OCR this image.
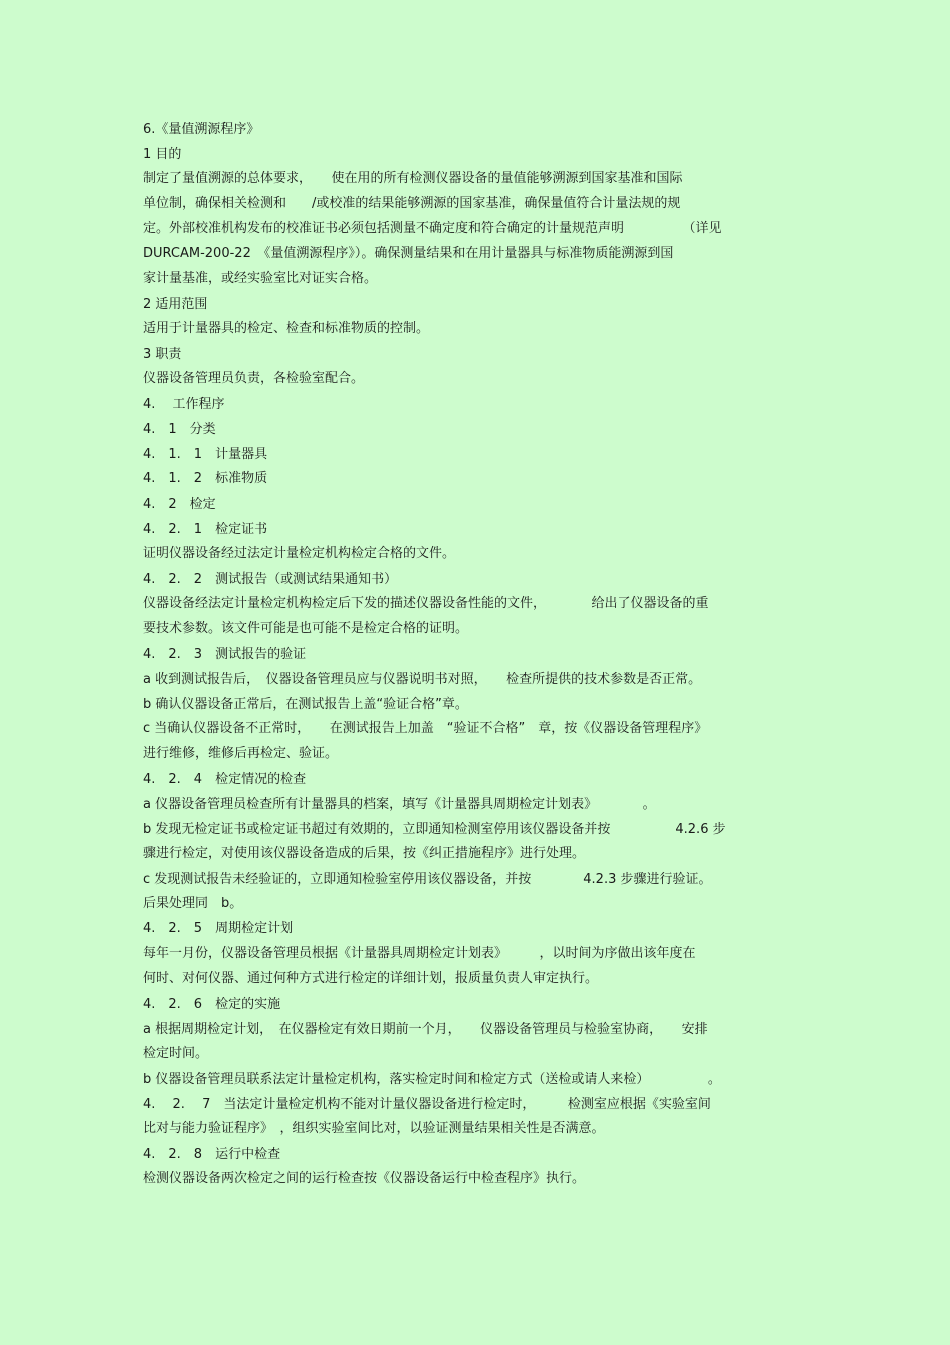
6.《量值溯源程序》
1 目的
制定了量值溯源的总体要求，　　使在用的所有检测仪器设备的量值能够溯源到国家基准和国际
单位制，确保相关检测和　　/或校准的结果能够溯源的国家基准，确保量值符合计量法规的规
定。外部校准机构发布的校准证书必须包括测量不确定度和符合确定的计量规范声明　　　　　（详见
DURCAM-200-22　《量值溯源程序》）。确保测量结果和在用计量器具与标准物质能溯源到国
家计量基准，或经实验室比对证实合格。
2 适用范围
适用于计量器具的检定、检查和标准物质的控制。
3 职责
仪器设备管理员负责，各检验室配合。
4.　 工作程序
4.　1　分类
4.　1.　1　计量器具
4.　1.　2　标准物质
4.　2　检定
4.　2.　1　检定证书
证明仪器设备经过法定计量检定机构检定合格的文件。
4.　2.　2　测试报告（或测试结果通知书）
仪器设备经法定计量检定机构检定后下发的描述仪器设备性能的文件，　　　　给出了仪器设备的重
要技术参数。该文件可能是也可能不是检定合格的证明。
4.　2.　3　测试报告的验证
a 收到测试报告后，　仪器设备管理员应与仪器说明书对照，　　检查所提供的技术参数是否正常。
b 确认仪器设备正常后，在测试报告上盖“验证合格”章。
c 当确认仪器设备不正常时，　　在测试报告上加盖　“验证不合格”　章，按《仪器设备管理程序》
进行维修，维修后再检定、验证。
4.　2.　4　检定情况的检查
a 仪器设备管理员检查所有计量器具的档案，填写《计量器具周期检定计划表》　　　　。
b 发现无检定证书或检定证书超过有效期的，立即通知检测室停用该仪器设备并按　　　　　4.2.6 步
骤进行检定，对使用该仪器设备造成的后果，按《纠正措施程序》进行处理。
c 发现测试报告未经验证的，立即通知检验室停用该仪器设备，并按　　　　4.2.3 步骤进行验证。
后果处理同　b。
4.　2.　5　周期检定计划
每年一月份，仪器设备管理员根据《计量器具周期检定计划表》　　　，以时间为序做出该年度在
何时、对何仪器、通过何种方式进行检定的详细计划，报质量负责人审定执行。
4.　2.　6　检定的实施
a 根据周期检定计划，　在仪器检定有效日期前一个月，　　仪器设备管理员与检验室协商，　　安排
检定时间。
b 仪器设备管理员联系法定计量检定机构，落实检定时间和检定方式（送检或请人来检）　　　　　。
4.　 2.　 7　当法定计量检定机构不能对计量仪器设备进行检定时，　　　检测室应根据《实验室间
比对与能力验证程序》　，组织实验室间比对，以验证测量结果相关性是否满意。
4.　2.　8　运行中检查
检测仪器设备两次检定之间的运行检查按《仪器设备运行中检查程序》执行。
